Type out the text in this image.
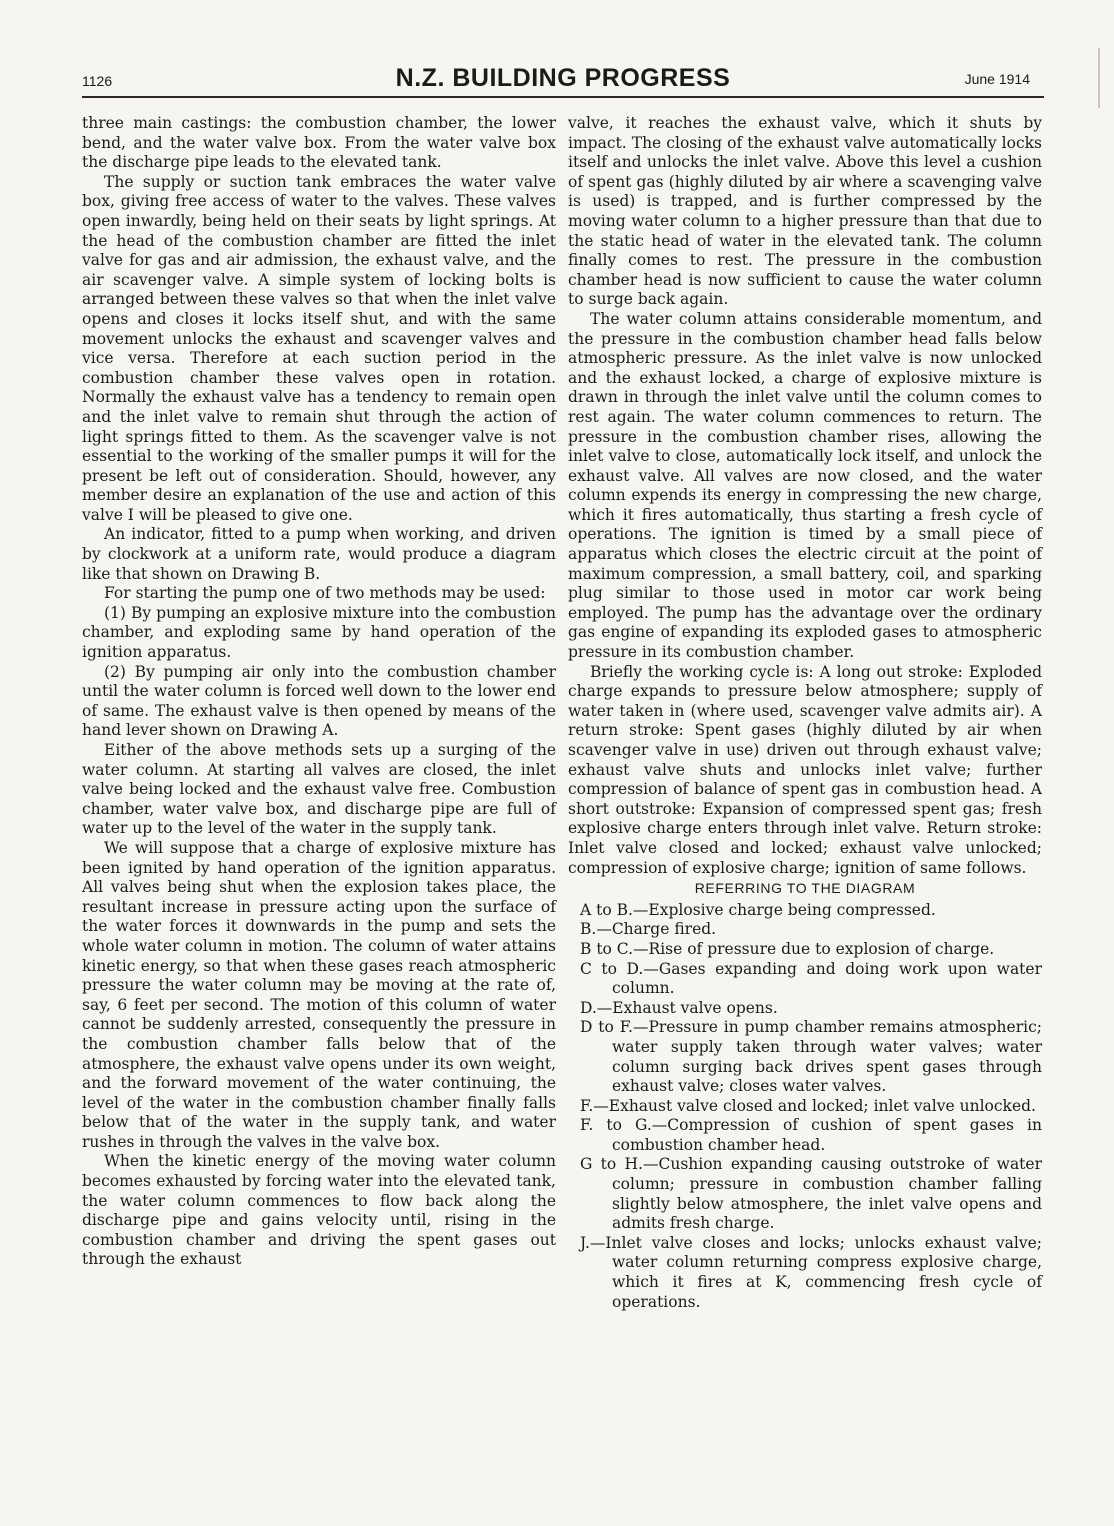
1126	N.Z. BUILDING PROGRESS	June 1914

three main castings: the combustion chamber, the lower bend, and the water valve box. From the water valve box the discharge pipe leads to the elevated tank.

The supply or suction tank embraces the water valve box, giving free access of water to the valves. These valves open inwardly, being held on their seats by light springs. At the head of the combustion chamber are fitted the inlet valve for gas and air admission, the exhaust valve, and the air scavenger valve. A simple system of locking bolts is arranged between these valves so that when the inlet valve opens and closes it locks itself shut, and with the same movement unlocks the exhaust and scavenger valves and vice versa. Therefore at each suction period in the combustion chamber these valves open in rotation. Normally the exhaust valve has a tendency to remain open and the inlet valve to remain shut through the action of light springs fitted to them. As the scavenger valve is not essential to the working of the smaller pumps it will for the present be left out of consideration. Should, however, any member desire an explanation of the use and action of this valve I will be pleased to give one.

An indicator, fitted to a pump when working, and driven by clockwork at a uniform rate, would produce a diagram like that shown on Drawing B.

For starting the pump one of two methods may be used:

(1) By pumping an explosive mixture into the combustion chamber, and exploding same by hand operation of the ignition apparatus.

(2) By pumping air only into the combustion chamber until the water column is forced well down to the lower end of same. The exhaust valve is then opened by means of the hand lever shown on Drawing A.

Either of the above methods sets up a surging of the water column. At starting all valves are closed, the inlet valve being locked and the exhaust valve free. Combustion chamber, water valve box, and discharge pipe are full of water up to the level of the water in the supply tank.

We will suppose that a charge of explosive mixture has been ignited by hand operation of the ignition apparatus. All valves being shut when the explosion takes place, the resultant increase in pressure acting upon the surface of the water forces it downwards in the pump and sets the whole water column in motion. The column of water attains kinetic energy, so that when these gases reach atmospheric pressure the water column may be moving at the rate of, say, 6 feet per second. The motion of this column of water cannot be suddenly arrested, consequently the pressure in the combustion chamber falls below that of the atmosphere, the exhaust valve opens under its own weight, and the forward movement of the water continuing, the level of the water in the combustion chamber finally falls below that of the water in the supply tank, and water rushes in through the valves in the valve box.

When the kinetic energy of the moving water column becomes exhausted by forcing water into the elevated tank, the water column commences to flow back along the discharge pipe and gains velocity until, rising in the combustion chamber and driving the spent gases out through the exhaust

valve, it reaches the exhaust valve, which it shuts by impact. The closing of the exhaust valve automatically locks itself and unlocks the inlet valve. Above this level a cushion of spent gas (highly diluted by air where a scavenging valve is used) is trapped, and is further compressed by the moving water column to a higher pressure than that due to the static head of water in the elevated tank. The column finally comes to rest. The pressure in the combustion chamber head is now sufficient to cause the water column to surge back again.

The water column attains considerable momentum, and the pressure in the combustion chamber head falls below atmospheric pressure. As the inlet valve is now unlocked and the exhaust locked, a charge of explosive mixture is drawn in through the inlet valve until the column comes to rest again. The water column commences to return. The pressure in the combustion chamber rises, allowing the inlet valve to close, automatically lock itself, and unlock the exhaust valve. All valves are now closed, and the water column expends its energy in compressing the new charge, which it fires automatically, thus starting a fresh cycle of operations. The ignition is timed by a small piece of apparatus which closes the electric circuit at the point of maximum compression, a small battery, coil, and sparking plug similar to those used in motor car work being employed. The pump has the advantage over the ordinary gas engine of expanding its exploded gases to atmospheric pressure in its combustion chamber.

Briefly the working cycle is: A long out stroke: Exploded charge expands to pressure below atmosphere; supply of water taken in (where used, scavenger valve admits air). A return stroke: Spent gases (highly diluted by air when scavenger valve in use) driven out through exhaust valve; exhaust valve shuts and unlocks inlet valve; further compression of balance of spent gas in combustion head. A short outstroke: Expansion of compressed spent gas; fresh explosive charge enters through inlet valve. Return stroke: Inlet valve closed and locked; exhaust valve unlocked; compression of explosive charge; ignition of same follows.

REFERRING TO THE DIAGRAM

A to B.—Explosive charge being compressed.

B.—Charge fired.

B to C.—Rise of pressure due to explosion of charge.

C to D.—Gases expanding and doing work upon water column.

D.—Exhaust valve opens.

D to F.—Pressure in pump chamber remains atmospheric; water supply taken through water valves; water column surging back drives spent gases through exhaust valve; closes water valves.

F.—Exhaust valve closed and locked; inlet valve unlocked.

F. to G.—Compression of cushion of spent gases in combustion chamber head.

G to H.—Cushion expanding causing outstroke of water column; pressure in combustion chamber falling slightly below atmosphere, the inlet valve opens and admits fresh charge.

J.—Inlet valve closes and locks; unlocks exhaust valve; water column returning compress explosive charge, which it fires at K, commencing fresh cycle of operations.
